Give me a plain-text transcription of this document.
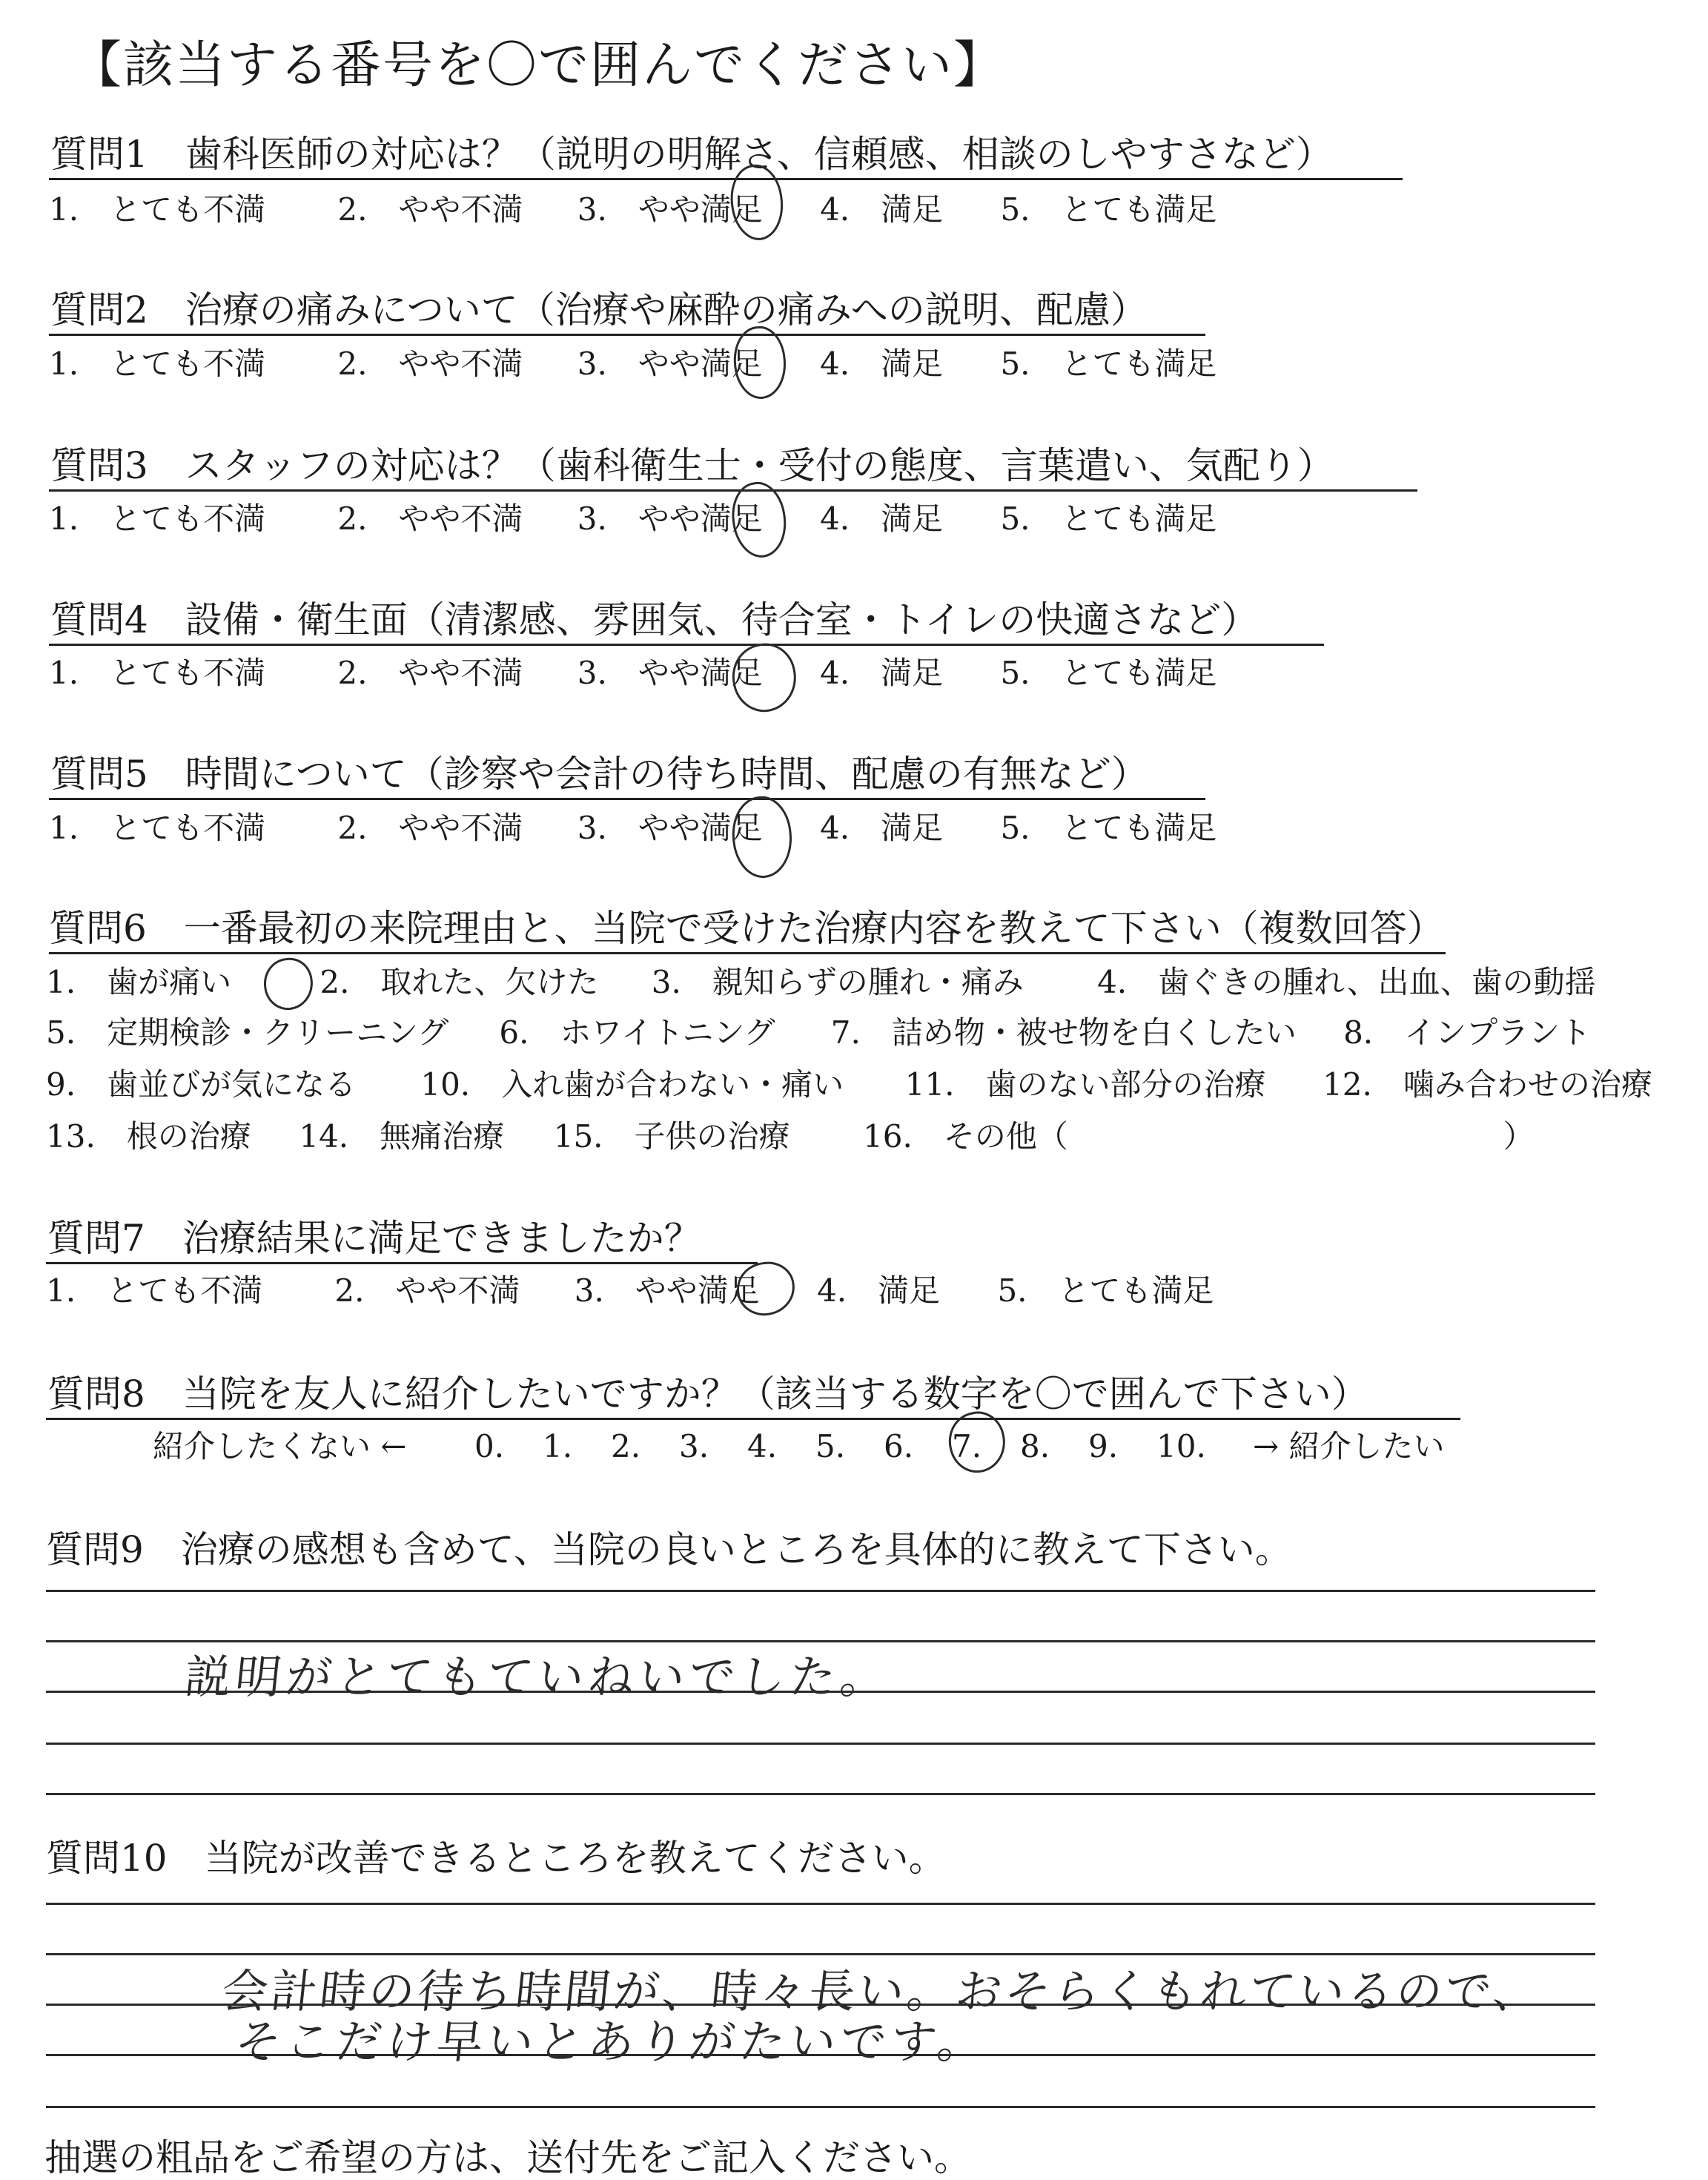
【該当する番号を〇で囲んでください】
質問1　歯科医師の対応は？（説明の明解さ、信頼感、相談のしやすさなど）
1.　とても不満 2.　やや不満 3.　やや満足 4.　満足 5.　とても満足
質問2　治療の痛みについて（治療や麻酔の痛みへの説明、配慮）
1.　とても不満 2.　やや不満 3.　やや満足 4.　満足 5.　とても満足
質問3　スタッフの対応は？（歯科衛生士・受付の態度、言葉遣い、気配り）
1.　とても不満 2.　やや不満 3.　やや満足 4.　満足 5.　とても満足
質問4　設備・衛生面（清潔感、雰囲気、待合室・トイレの快適さなど）
1.　とても不満 2.　やや不満 3.　やや満足 4.　満足 5.　とても満足
質問5　時間について（診察や会計の待ち時間、配慮の有無など）
1.　とても不満 2.　やや不満 3.　やや満足 4.　満足 5.　とても満足
質問6　一番最初の来院理由と、当院で受けた治療内容を教えて下さい（複数回答）
1.　歯が痛い	2.　取れた、欠けた 3.　親知らずの腫れ・痛み 4.　歯ぐきの腫れ、出血、歯の動揺
5.　定期検診・クリーニング 6.　ホワイトニング 7.　詰め物・被せ物を白くしたい 8.　インプラント
9.　歯並びが気になる 10.　入れ歯が合わない・痛い 11.　歯のない部分の治療 12.　噛み合わせの治療
13.　根の治療 14.　無痛治療 15.　子供の治療 16.　その他（	）
質問7　治療結果に満足できましたか？
1.　とても不満 2.　やや不満 3.　やや満足 4.　満足 5.　とても満足
質問8　当院を友人に紹介したいですか？（該当する数字を〇で囲んで下さい）
紹介したくない ← 0. 1. 2. 3. 4. 5. 6. 7. 8. 9. 10.	→ 紹介したい
質問9　治療の感想も含めて、当院の良いところを具体的に教えて下さい。
説明がとてもていねいでした。
質問10　当院が改善できるところを教えてください。
会計時の待ち時間が、時々長い。おそらくもれているので、
そこだけ早いとありがたいです。
抽選の粗品をご希望の方は、送付先をご記入ください。
